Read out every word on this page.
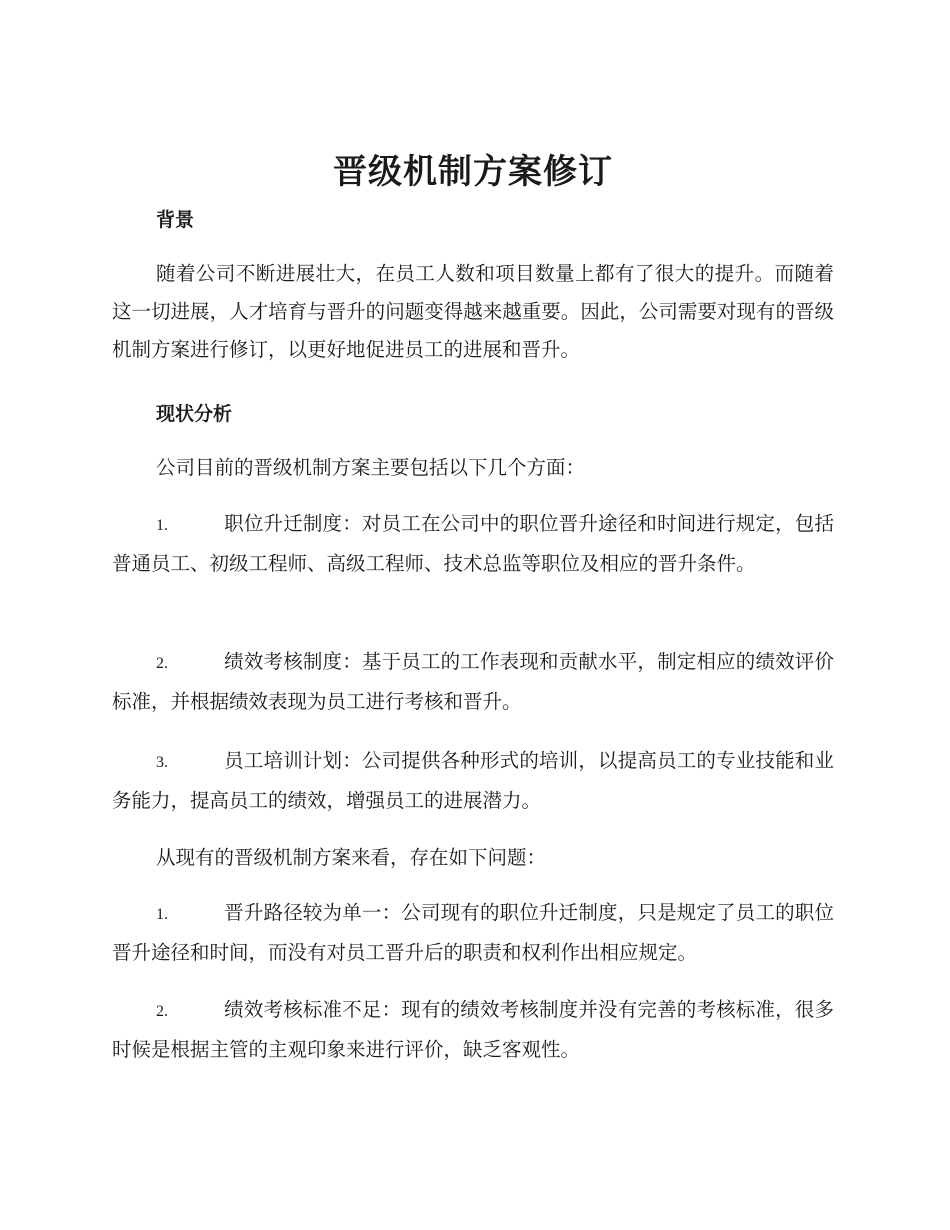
晋级机制方案修订
背景

随着公司不断进展壮大，在员工人数和项目数量上都有了很大的提升。而随着这一切进展，人才培育与晋升的问题变得越来越重要。因此，公司需要对现有的晋级机制方案进行修订，以更好地促进员工的进展和晋升。

现状分析

公司目前的晋级机制方案主要包括以下几个方面：

1.	职位升迁制度：对员工在公司中的职位晋升途径和时间进行规定，包括普通员工、初级工程师、高级工程师、技术总监等职位及相应的晋升条件。

2.	绩效考核制度：基于员工的工作表现和贡献水平，制定相应的绩效评价标准，并根据绩效表现为员工进行考核和晋升。

3.	员工培训计划：公司提供各种形式的培训，以提高员工的专业技能和业务能力，提高员工的绩效，增强员工的进展潜力。

从现有的晋级机制方案来看，存在如下问题：

1.	晋升路径较为单一：公司现有的职位升迁制度，只是规定了员工的职位晋升途径和时间，而没有对员工晋升后的职责和权利作出相应规定。

2.	绩效考核标准不足：现有的绩效考核制度并没有完善的考核标准，很多时候是根据主管的主观印象来进行评价，缺乏客观性。
